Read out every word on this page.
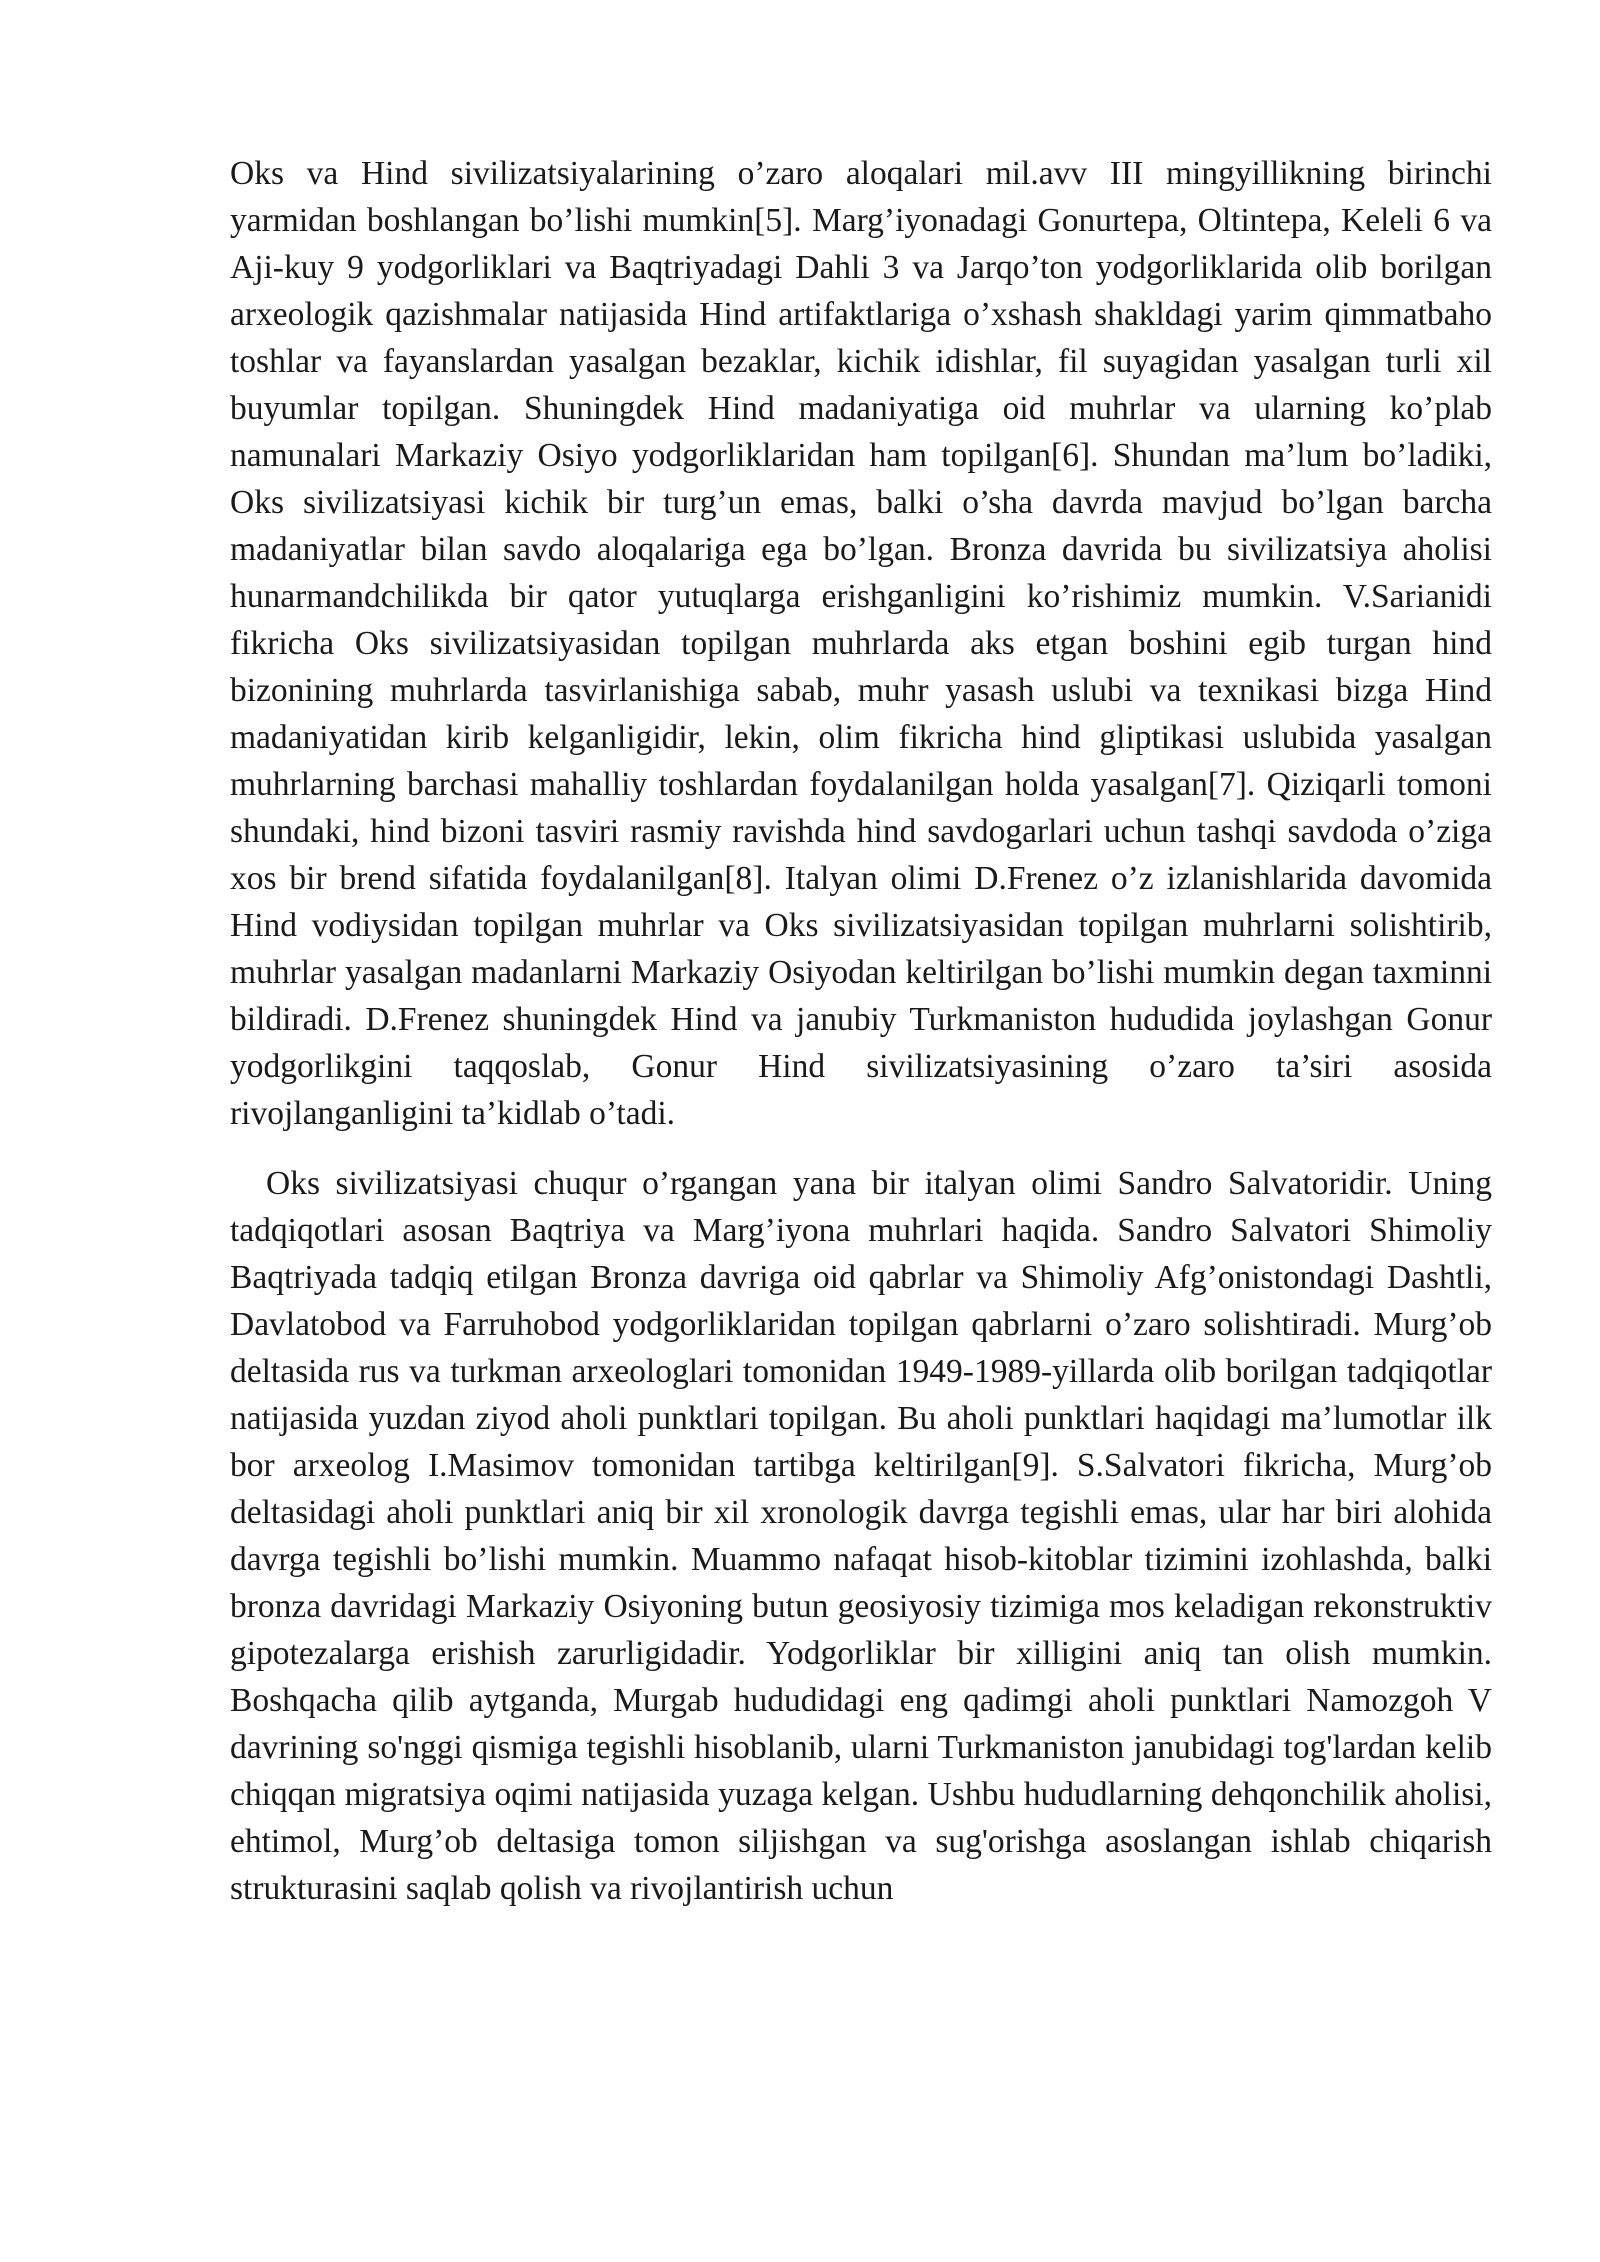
Oks va Hind sivilizatsiyalarining o’zaro aloqalari mil.avv III mingyillikning birinchi yarmidan boshlangan bo’lishi mumkin[5]. Marg’iyonadagi Gonurtepa, Oltintepa, Keleli 6 va Aji-kuy 9 yodgorliklari va Baqtriyadagi Dahli 3 va Jarqo’ton yodgorliklarida olib borilgan arxeologik qazishmalar natijasida Hind artifaktlariga o’xshash shakldagi yarim qimmatbaho toshlar va fayanslardan yasalgan bezaklar, kichik idishlar, fil suyagidan yasalgan turli xil buyumlar topilgan. Shuningdek Hind madaniyatiga oid muhrlar va ularning ko’plab namunalari Markaziy Osiyo yodgorliklaridan ham topilgan[6]. Shundan ma’lum bo’ladiki, Oks sivilizatsiyasi kichik bir turg’un emas, balki o’sha davrda mavjud bo’lgan barcha madaniyatlar bilan savdo aloqalariga ega bo’lgan. Bronza davrida bu sivilizatsiya aholisi hunarmandchilikda bir qator yutuqlarga erishganligini ko’rishimiz mumkin. V.Sarianidi fikricha Oks sivilizatsiyasidan topilgan muhrlarda aks etgan boshini egib turgan hind bizonining muhrlarda tasvirlanishiga sabab, muhr yasash uslubi va texnikasi bizga Hind madaniyatidan kirib kelganligidir, lekin, olim fikricha hind gliptikasi uslubida yasalgan muhrlarning barchasi mahalliy toshlardan foydalanilgan holda yasalgan[7]. Qiziqarli tomoni shundaki, hind bizoni tasviri rasmiy ravishda hind savdogarlari uchun tashqi savdoda o’ziga xos bir brend sifatida foydalanilgan[8]. Italyan olimi D.Frenez o’z izlanishlarida davomida Hind vodiysidan topilgan muhrlar va Oks sivilizatsiyasidan topilgan muhrlarni solishtirib, muhrlar yasalgan madanlarni Markaziy Osiyodan keltirilgan bo’lishi mumkin degan taxminni bildiradi. D.Frenez shuningdek Hind va janubiy Turkmaniston hududida joylashgan Gonur yodgorlikgini taqqoslab, Gonur Hind sivilizatsiyasining o’zaro ta’siri asosida rivojlanganligini ta’kidlab o’tadi.

Oks sivilizatsiyasi chuqur o’rgangan yana bir italyan olimi Sandro Salvatoridir. Uning tadqiqotlari asosan Baqtriya va Marg’iyona muhrlari haqida. Sandro Salvatori Shimoliy Baqtriyada tadqiq etilgan Bronza davriga oid qabrlar va Shimoliy Afg’onistondagi Dashtli, Davlatobod va Farruhobod yodgorliklaridan topilgan qabrlarni o’zaro solishtiradi. Murg’ob deltasida rus va turkman arxeologlari tomonidan 1949-1989-yillarda olib borilgan tadqiqotlar natijasida yuzdan ziyod aholi punktlari topilgan. Bu aholi punktlari haqidagi ma’lumotlar ilk bor arxeolog I.Masimov tomonidan tartibga keltirilgan[9]. S.Salvatori fikricha, Murg’ob deltasidagi aholi punktlari aniq bir xil xronologik davrga tegishli emas, ular har biri alohida davrga tegishli bo’lishi mumkin. Muammo nafaqat hisob-kitoblar tizimini izohlashda, balki bronza davridagi Markaziy Osiyoning butun geosiyosiy tizimiga mos keladigan rekonstruktiv gipotezalarga erishish zarurligidadir. Yodgorliklar bir xilligini aniq tan olish mumkin. Boshqacha qilib aytganda, Murgab hududidagi eng qadimgi aholi punktlari Namozgoh V davrining so'nggi qismiga tegishli hisoblanib, ularni Turkmaniston janubidagi tog'lardan kelib chiqqan migratsiya oqimi natijasida yuzaga kelgan. Ushbu hududlarning dehqonchilik aholisi, ehtimol, Murg’ob deltasiga tomon siljishgan va sug'orishga asoslangan ishlab chiqarish strukturasini saqlab qolish va rivojlantirish uchun
